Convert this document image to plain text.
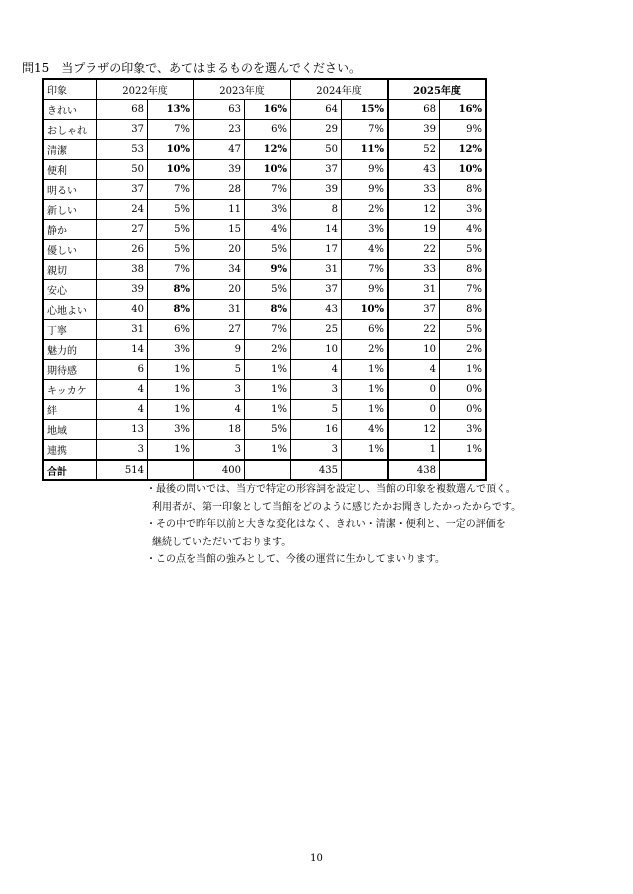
問15　当プラザの印象で、あてはまるものを選んでください。
印象	2022年度		2023年度		2024年度		2025年度	
きれい	68	13%	63	16%	64	15%	68	16%
おしゃれ	37	7%	23	6%	29	7%	39	9%
清潔	53	10%	47	12%	50	11%	52	12%
便利	50	10%	39	10%	37	9%	43	10%
明るい	37	7%	28	7%	39	9%	33	8%
新しい	24	5%	11	3%	8	2%	12	3%
静か	27	5%	15	4%	14	3%	19	4%
優しい	26	5%	20	5%	17	4%	22	5%
親切	38	7%	34	9%	31	7%	33	8%
安心	39	8%	20	5%	37	9%	31	7%
心地よい	40	8%	31	8%	43	10%	37	8%
丁寧	31	6%	27	7%	25	6%	22	5%
魅力的	14	3%	9	2%	10	2%	10	2%
期待感	6	1%	5	1%	4	1%	4	1%
キッカケ	4	1%	3	1%	3	1%	0	0%
絆	4	1%	4	1%	5	1%	0	0%
地域	13	3%	18	5%	16	4%	12	3%
連携	3	1%	3	1%	3	1%	1	1%
合計	514		400		435		438	
・最後の問いでは、当方で特定の形容詞を設定し、当館の印象を複数選んで頂く。
利用者が、第一印象として当館をどのように感じたかお聞きしたかったからです。
・その中で昨年以前と大きな変化はなく、きれい・清潔・便利と、一定の評価を
継続していただいております。
・この点を当館の強みとして、今後の運営に生かしてまいります。
10
